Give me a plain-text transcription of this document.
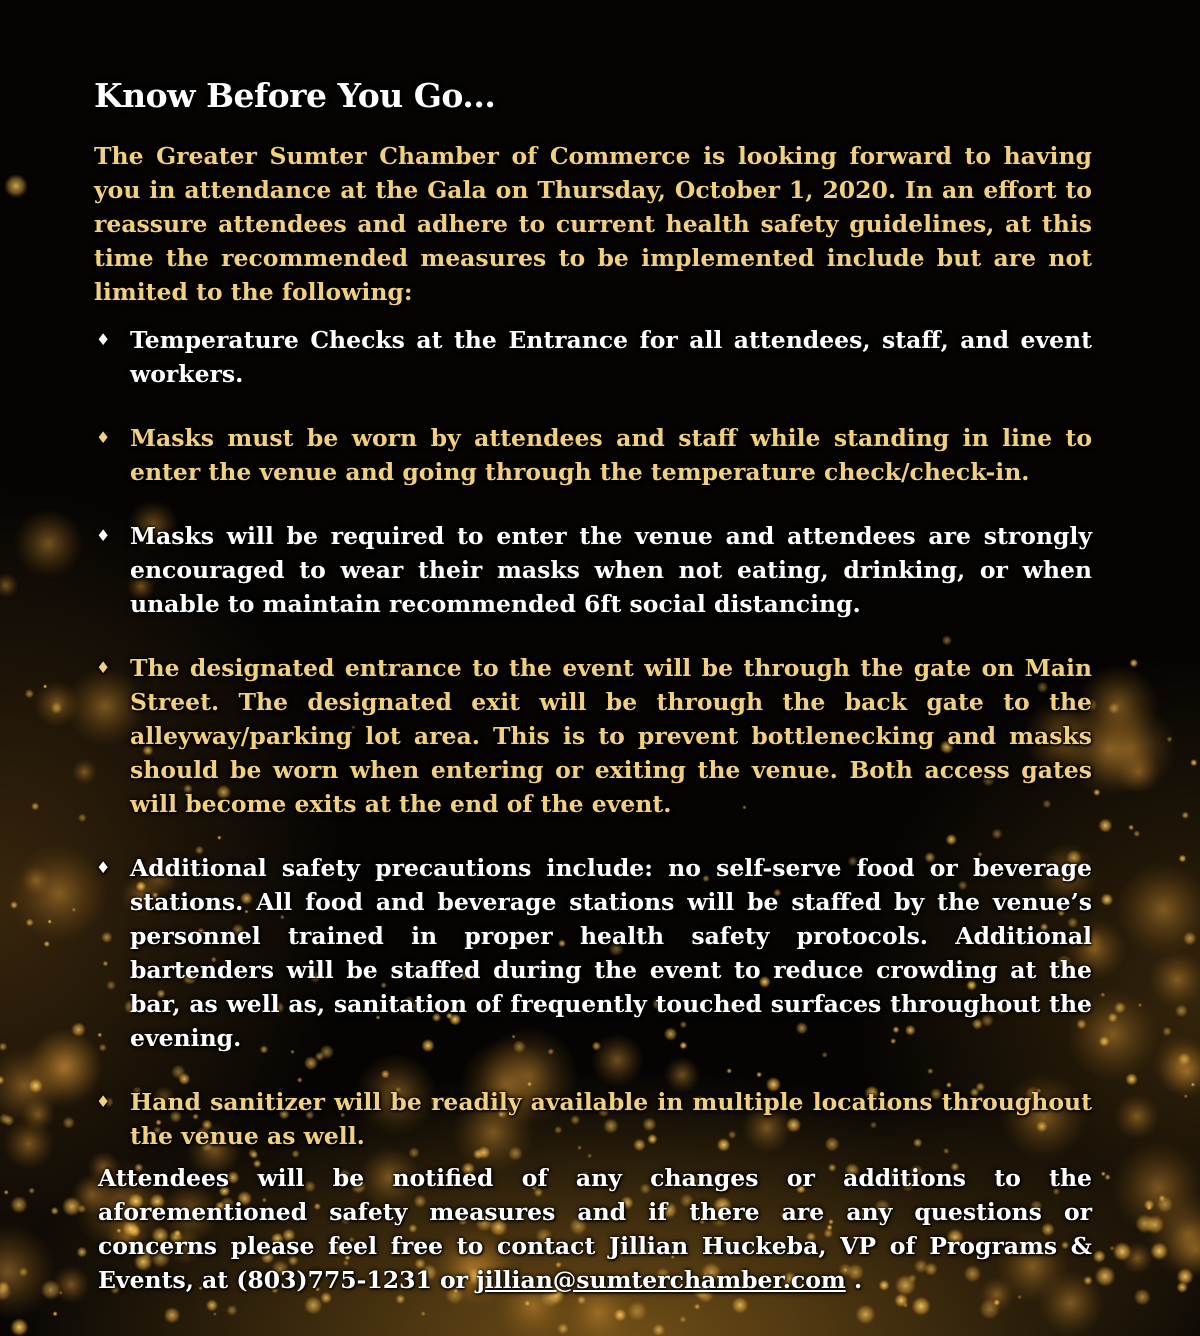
Know Before You Go...

The Greater Sumter Chamber of Commerce is looking forward to having you in attendance at the Gala on Thursday, October 1, 2020. In an effort to reassure attendees and adhere to current health safety guidelines, at this time the recommended measures to be implemented include but are not limited to the following:

♦ Temperature Checks at the Entrance for all attendees, staff, and event workers.
♦ Masks must be worn by attendees and staff while standing in line to enter the venue and going through the temperature check/check-in.
♦ Masks will be required to enter the venue and attendees are strongly encouraged to wear their masks when not eating, drinking, or when unable to maintain recommended 6ft social distancing.
♦ The designated entrance to the event will be through the gate on Main Street. The designated exit will be through the back gate to the alleyway/parking lot area. This is to prevent bottlenecking and masks should be worn when entering or exiting the venue. Both access gates will become exits at the end of the event.
♦ Additional safety precautions include: no self-serve food or beverage stations. All food and beverage stations will be staffed by the venue’s personnel trained in proper health safety protocols. Additional bartenders will be staffed during the event to reduce crowding at the bar, as well as, sanitation of frequently touched surfaces throughout the evening.
♦ Hand sanitizer will be readily available in multiple locations throughout the venue as well.

Attendees will be notified of any changes or additions to the aforementioned safety measures and if there are any questions or concerns please feel free to contact Jillian Huckeba, VP of Programs & Events, at (803)775-1231 or jillian@sumterchamber.com .
